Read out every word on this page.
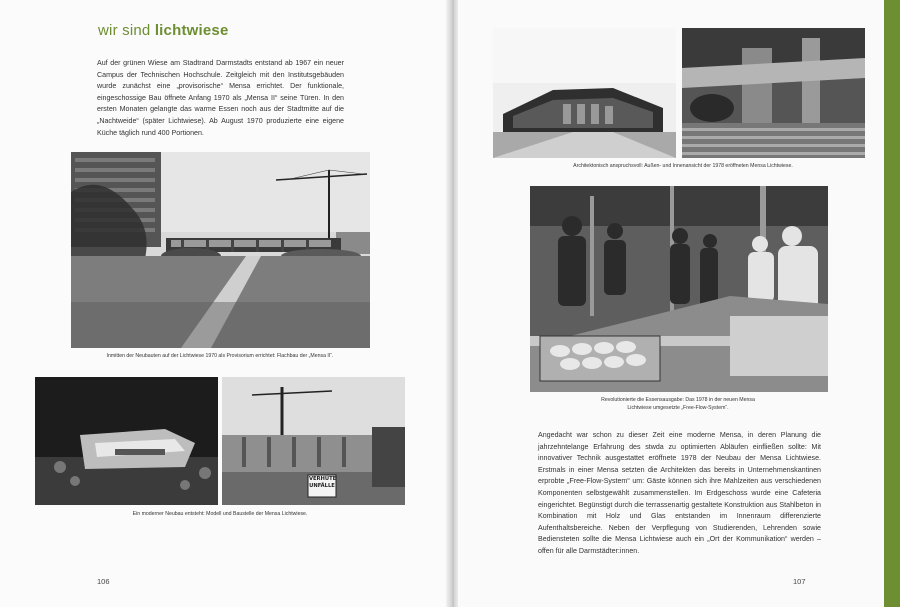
wir sind lichtwiese

Auf der grünen Wiese am Stadtrand Darmstadts entstand ab 1967 ein neuer Campus der Technischen Hochschule. Zeitgleich mit den Institutsgebäuden wurde zunächst eine „provisorische“ Mensa errichtet. Der funktionale, eingeschossige Bau öffnete Anfang 1970 als „Mensa II“ seine Türen. In den ersten Monaten gelangte das warme Essen noch aus der Stadtmitte auf die „Nachtweide“ (später Lichtwiese). Ab August 1970 produzierte eine eigene Küche täglich rund 400 Portionen.

Inmitten der Neubauten auf der Lichtwiese 1970 als Provisorium errichtet: Flachbau der „Mensa II“.
VERHÜTE
UNFÄLLE
Ein moderner Neubau entsteht: Modell und Baustelle der Mensa Lichtwiese.
106
Architektonisch anspruchsvoll: Außen- und Innenansicht der 1978 eröffneten Mensa Lichtwiese.
Revolutionierte die Essensausgabe: Das 1978 in der neuen Mensa
Lichtwiese umgesetzte „Free-Flow-System“.

Angedacht war schon zu dieser Zeit eine moderne Mensa, in deren Planung die jahrzehntelange Erfahrung des stwda zu optimierten Abläufen einfließen sollte: Mit innovativer Technik ausgestattet eröffnete 1978 der Neubau der Mensa Lichtwiese. Erstmals in einer Mensa setzten die Architekten das bereits in Unternehmenskantinen erprobte „Free-Flow-System“ um: Gäste können sich ihre Mahlzeiten aus verschiedenen Komponenten selbstgewählt zusammenstellen. Im Erdgeschoss wurde eine Cafeteria eingerichtet. Begünstigt durch die terrassenartig gestaltete Konstruktion aus Stahlbeton in Kombination mit Holz und Glas entstanden im Innenraum differenzierte Aufenthaltsbereiche. Neben der Verpflegung von Studierenden, Lehrenden sowie Bediensteten sollte die Mensa Lichtwiese auch ein „Ort der Kommunikation“ werden – offen für alle Darmstädter:innen.

107
